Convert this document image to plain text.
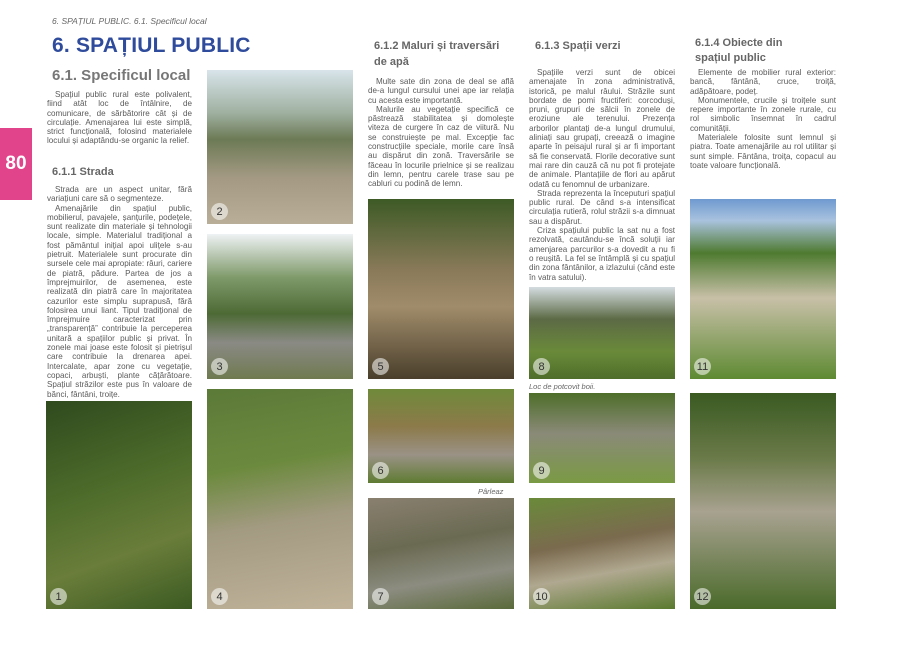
6. SPAȚIUL PUBLIC. 6.1. Specificul local
80
6. SPAȚIUL PUBLIC
6.1. Specificul local

Spațiul public rural este polivalent, fiind atât loc de întâlnire, de comunicare, de sărbătorire cât și de circulație. Amenajarea lui este simplă, strict funcțională, folosind materialele locului și adaptându-se organic la relief.

6.1.1 Strada

Strada are un aspect unitar, fără variațiuni care să o segmenteze.

Amenajările din spațiul public, mobilierul, pavajele, șanțurile, podețele, sunt realizate din materiale și tehnologii locale, simple. Materialul tradițional a fost pământul inițial apoi ulițele s-au pietruit. Materialele sunt procurate din sursele cele mai apropiate: râuri, cariere de piatră, pădure. Partea de jos a împrejmuirilor, de asemenea, este realizată din piatră care în majoritatea cazurilor este simplu suprapusă, fără folosirea unui liant. Tipul tradițional de împrejmuire caracterizat prin „transparență” contribuie la perceperea unitară a spațiilor public și privat. În zonele mai joase este folosit și pietrișul care contribuie la drenarea apei. Intercalate, apar zone cu vegetație, copaci, arbuști, plante cățărătoare. Spațiul străzilor este pus în valoare de bănci, fântâni, troițe.

6.1.2 Maluri și traversări de apă

Multe sate din zona de deal se află de-a lungul cursului unei ape iar relația cu acesta este importantă.

Malurile au vegetație specifică ce păstrează stabilitatea și domolește viteza de curgere în caz de viitură. Nu se construiește pe mal. Excepție fac construcțiile speciale, morile care însă au dispărut din zonă. Traversările se făceau în locurile prielnice și se realizau din lemn, pentru carele trase sau pe cabluri cu podină de lemn.

6.1.3 Spații verzi

Spațiile verzi sunt de obicei amenajate în zona administrativă, istorică, pe malul râului. Străzile sunt bordate de pomi fructiferi: corcoduși, pruni, grupuri de sălcii în zonele de eroziune ale terenului. Prezența arborilor plantați de-a lungul drumului, aliniați sau grupați, creează o imagine aparte în peisajul rural și ar fi important să fie conservată. Florile decorative sunt mai rare din cauză că nu pot fi protejate de animale. Plantațiile de flori au apărut odată cu fenomnul de urbanizare.

Strada reprezenta la începuturi spațiul public rural. De când s-a intensificat circulația rutieră, rolul străzii s-a dimnuat sau a dispărut.

Criza spațiului public la sat nu a fost rezolvată, cautându-se încă soluții iar amenjarea parcurilor s-a dovedit a nu fi o reușită. La fel se întâmplă și cu spațiul din zona fântânilor, a izlazului (când este în vatra satului).

6.1.4 Obiecte din spațiul public

Elemente de mobilier rural exterior: bancă, fântână, cruce, troiță, adăpătoare, podeț.

Monumentele, crucile și troițele sunt repere importante în zonele rurale, cu rol simbolic însemnat în cadrul comunității.

Materialele folosite sunt lemnul și piatra. Toate amenajările au rol utilitar și sunt simple. Fântâna, troița, copacul au toate valoare funcțională.

1
2
3
4
5
6
Pârleaz
7
8
Loc de potcovit boii.
9
10
11
12
